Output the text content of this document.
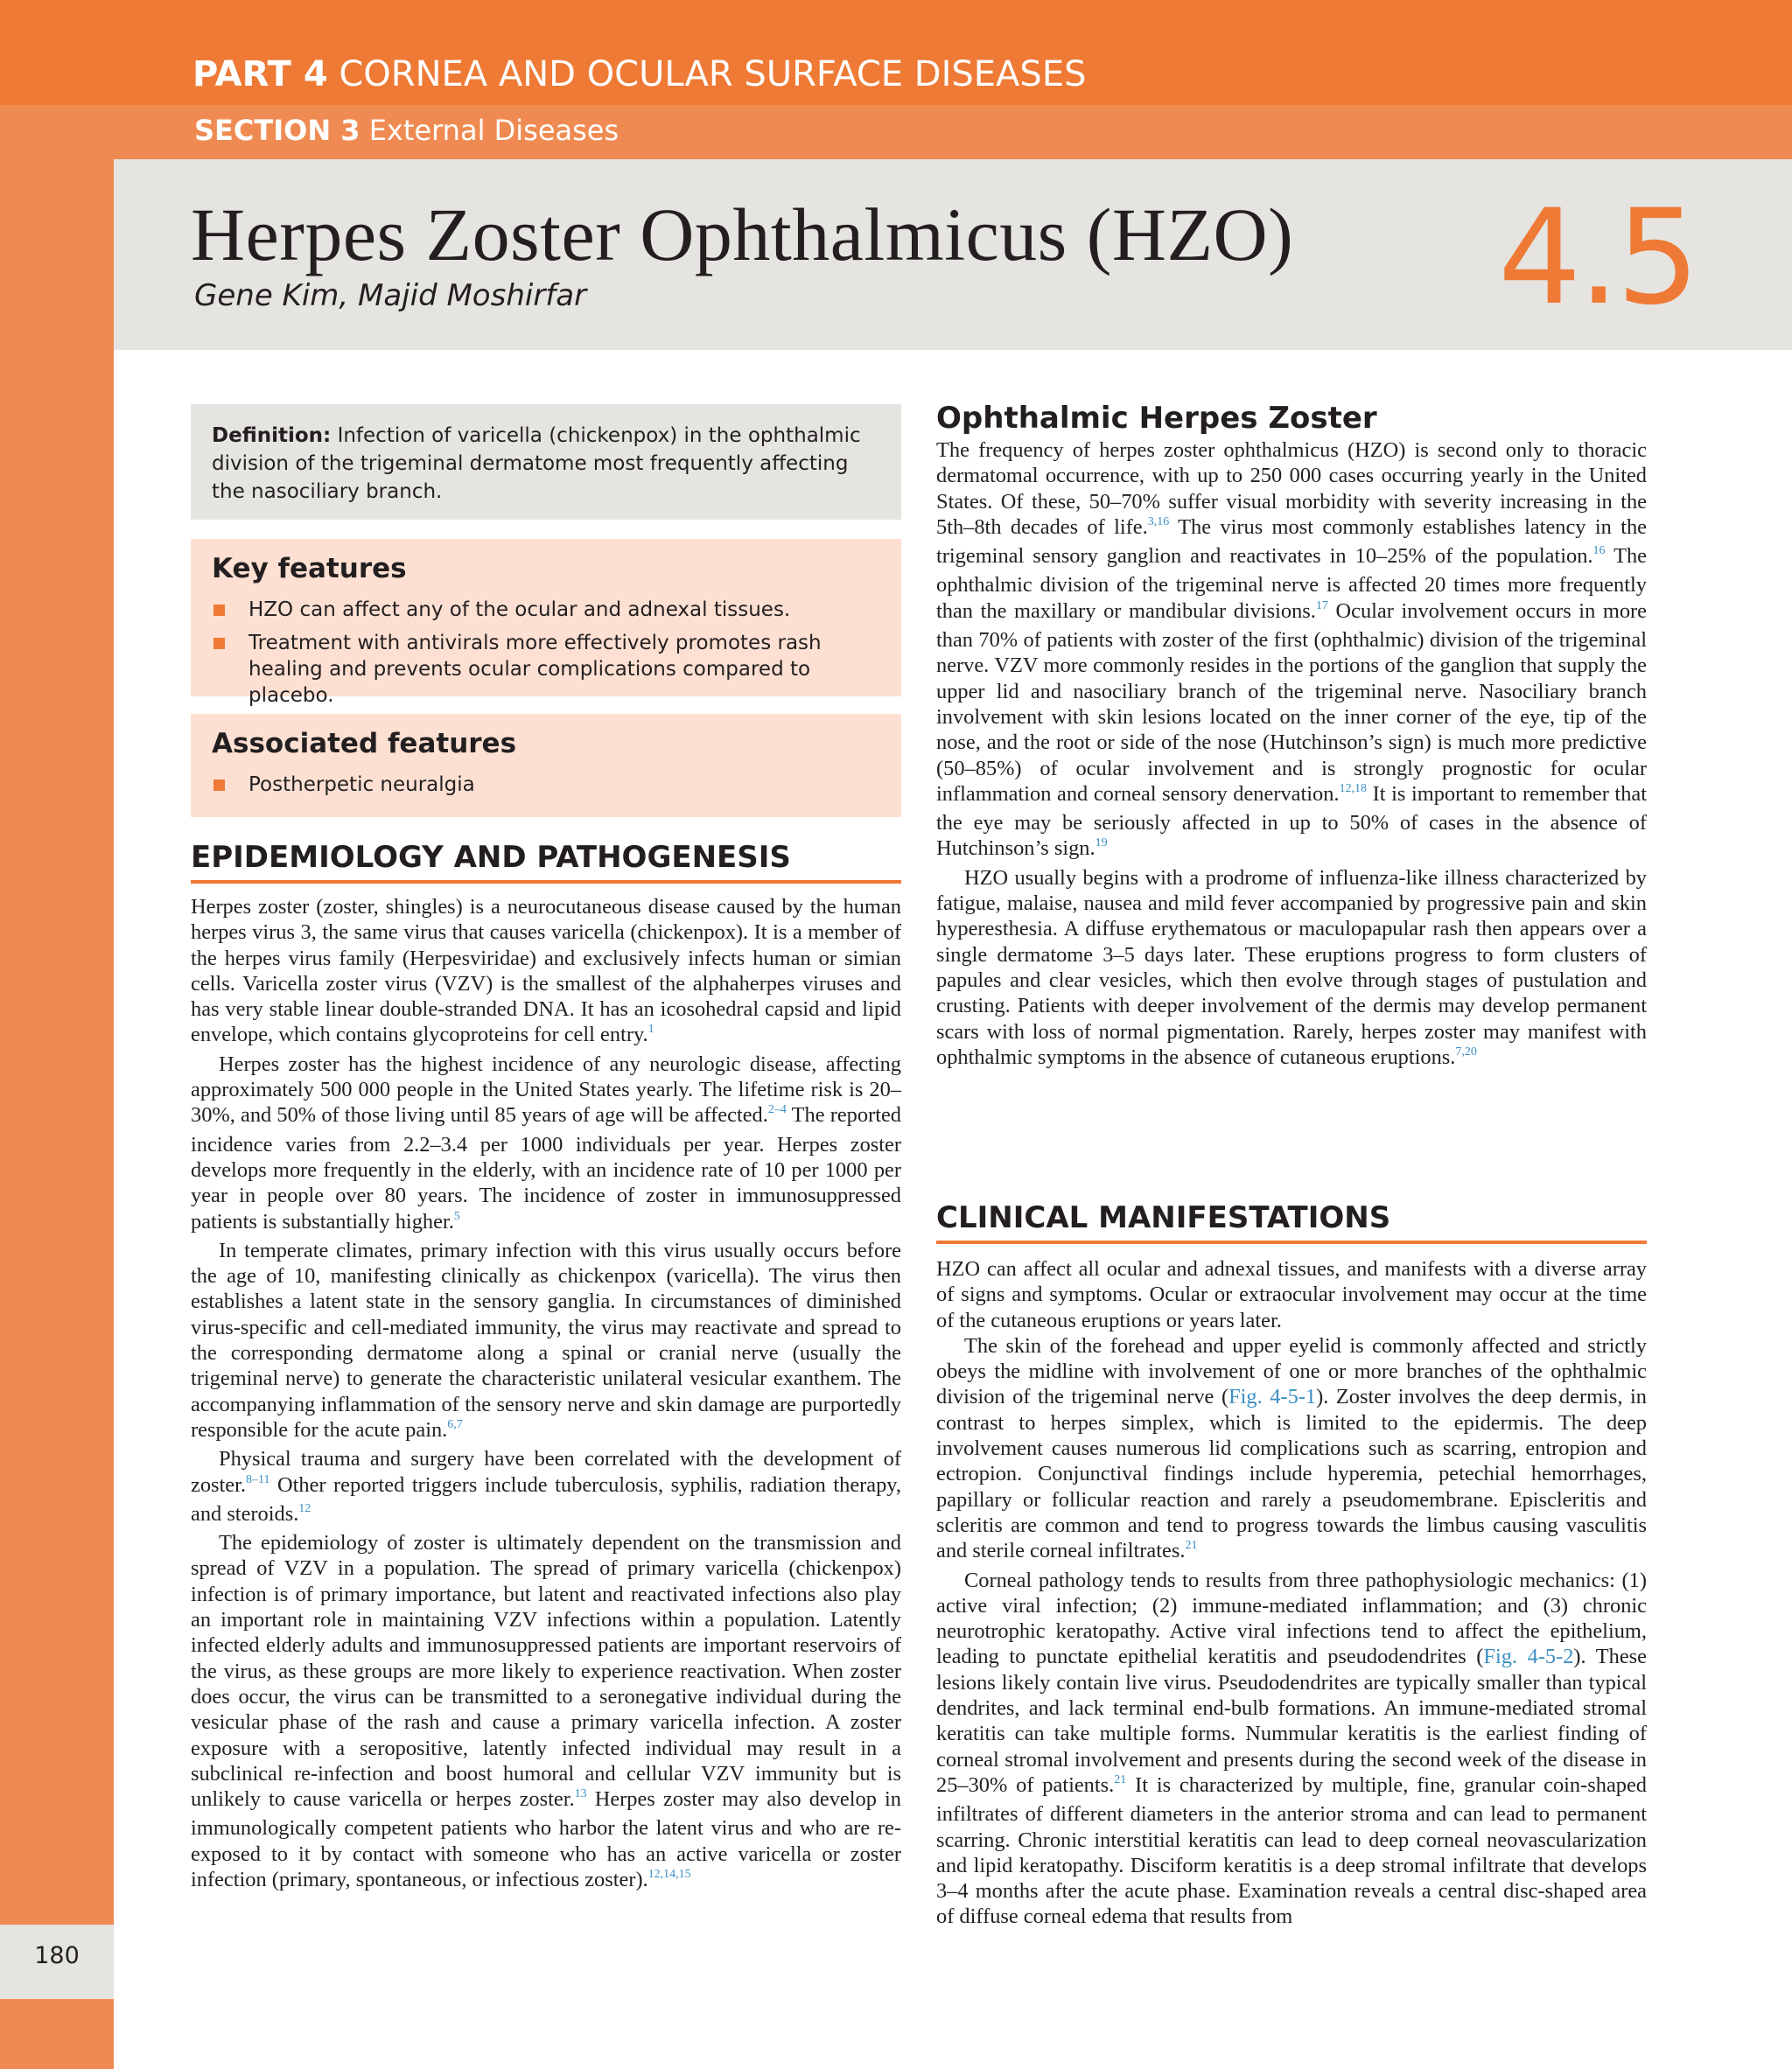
180
PART 4 CORNEA AND OCULAR SURFACE DISEASES
SECTION 3 External Diseases
Herpes Zoster Ophthalmicus (HZO) 4.5
Gene Kim, Majid Moshirfar
Definition: Infection of varicella (chickenpox) in the ophthalmic division of the trigeminal dermatome most frequently affecting the nasociliary branch.
Key features
HZO can affect any of the ocular and adnexal tissues.
Treatment with antivirals more effectively promotes rash healing and prevents ocular complications compared to placebo.
Associated features
Postherpetic neuralgia
EPIDEMIOLOGY AND PATHOGENESIS

Herpes zoster (zoster, shingles) is a neurocutaneous disease caused by the human herpes virus 3, the same virus that causes varicella (chickenpox). It is a member of the herpes virus family (Herpesviridae) and exclusively infects human or simian cells. Varicella zoster virus (VZV) is the smallest of the alphaherpes viruses and has very stable linear double-stranded DNA. It has an icosohedral capsid and lipid envelope, which contains glycoproteins for cell entry.$^1$

Herpes zoster has the highest incidence of any neurologic disease, affecting approximately 500 000 people in the United States yearly. The lifetime risk is 20–30%, and 50% of those living until 85 years of age will be affected.$^{2-4}$ The reported incidence varies from 2.2–3.4 per 1000 individuals per year. Herpes zoster develops more frequently in the elderly, with an incidence rate of 10 per 1000 per year in people over 80 years. The incidence of zoster in immunosuppressed patients is substantially higher.$^5$

In temperate climates, primary infection with this virus usually occurs before the age of 10, manifesting clinically as chickenpox (varicella). The virus then establishes a latent state in the sensory ganglia. In circumstances of diminished virus-specific and cell-mediated immunity, the virus may reactivate and spread to the corresponding dermatome along a spinal or cranial nerve (usually the trigeminal nerve) to generate the characteristic unilateral vesicular exanthem. The accompanying inflammation of the sensory nerve and skin damage are purportedly responsible for the acute pain.$^{6,7}$

Physical trauma and surgery have been correlated with the development of zoster.$^{8-11}$ Other reported triggers include tuberculosis, syphilis, radiation therapy, and steroids.$^{12}$

The epidemiology of zoster is ultimately dependent on the transmission and spread of VZV in a population. The spread of primary varicella (chickenpox) infection is of primary importance, but latent and reactivated infections also play an important role in maintaining VZV infections within a population. Latently infected elderly adults and immunosuppressed patients are important reservoirs of the virus, as these groups are more likely to experience reactivation. When zoster does occur, the virus can be transmitted to a seronegative individual during the vesicular phase of the rash and cause a primary varicella infection. A zoster exposure with a seropositive, latently infected individual may result in a subclinical re-infection and boost humoral and cellular VZV immunity but is unlikely to cause varicella or herpes zoster.$^{13}$ Herpes zoster may also develop in immunologically competent patients who harbor the latent virus and who are re-exposed to it by contact with someone who has an active varicella or zoster infection (primary, spontaneous, or infectious zoster).$^{12,14,15}$

Ophthalmic Herpes Zoster

The frequency of herpes zoster ophthalmicus (HZO) is second only to thoracic dermatomal occurrence, with up to 250 000 cases occurring yearly in the United States. Of these, 50–70% suffer visual morbidity with severity increasing in the 5th–8th decades of life.$^{3,16}$ The virus most commonly establishes latency in the trigeminal sensory ganglion and reactivates in 10–25% of the population.$^{16}$ The ophthalmic division of the trigeminal nerve is affected 20 times more frequently than the maxillary or mandibular divisions.$^{17}$ Ocular involvement occurs in more than 70% of patients with zoster of the first (ophthalmic) division of the trigeminal nerve. VZV more commonly resides in the portions of the ganglion that supply the upper lid and nasociliary branch of the trigeminal nerve. Nasociliary branch involvement with skin lesions located on the inner corner of the eye, tip of the nose, and the root or side of the nose (Hutchinson’s sign) is much more predictive (50–85%) of ocular involvement and is strongly prognostic for ocular inflammation and corneal sensory denervation.$^{12,18}$ It is important to remember that the eye may be seriously affected in up to 50% of cases in the absence of Hutchinson’s sign.$^{19}$

HZO usually begins with a prodrome of influenza-like illness characterized by fatigue, malaise, nausea and mild fever accompanied by progressive pain and skin hyperesthesia. A diffuse erythematous or maculopapular rash then appears over a single dermatome 3–5 days later. These eruptions progress to form clusters of papules and clear vesicles, which then evolve through stages of pustulation and crusting. Patients with deeper involvement of the dermis may develop permanent scars with loss of normal pigmentation. Rarely, herpes zoster may manifest with ophthalmic symptoms in the absence of cutaneous eruptions.$^{7,20}$

CLINICAL MANIFESTATIONS

HZO can affect all ocular and adnexal tissues, and manifests with a diverse array of signs and symptoms. Ocular or extraocular involvement may occur at the time of the cutaneous eruptions or years later.

The skin of the forehead and upper eyelid is commonly affected and strictly obeys the midline with involvement of one or more branches of the ophthalmic division of the trigeminal nerve (Fig. 4-5-1). Zoster involves the deep dermis, in contrast to herpes simplex, which is limited to the epidermis. The deep involvement causes numerous lid complications such as scarring, entropion and ectropion. Conjunctival findings include hyperemia, petechial hemorrhages, papillary or follicular reaction and rarely a pseudomembrane. Episcleritis and scleritis are common and tend to progress towards the limbus causing vasculitis and sterile corneal infiltrates.$^{21}$

Corneal pathology tends to results from three pathophysiologic mechanics: (1) active viral infection; (2) immune-mediated inflammation; and (3) chronic neurotrophic keratopathy. Active viral infections tend to affect the epithelium, leading to punctate epithelial keratitis and pseudodendrites (Fig. 4-5-2). These lesions likely contain live virus. Pseudodendrites are typically smaller than typical dendrites, and lack terminal end-bulb formations. An immune-mediated stromal keratitis can take multiple forms. Nummular keratitis is the earliest finding of corneal stromal involvement and presents during the second week of the disease in 25–30% of patients.$^{21}$ It is characterized by multiple, fine, granular coin-shaped infiltrates of different diameters in the anterior stroma and can lead to permanent scarring. Chronic interstitial keratitis can lead to deep corneal neovascularization and lipid keratopathy. Disciform keratitis is a deep stromal infiltrate that develops 3–4 months after the acute phase. Examination reveals a central disc-shaped area of diffuse corneal edema that results from
